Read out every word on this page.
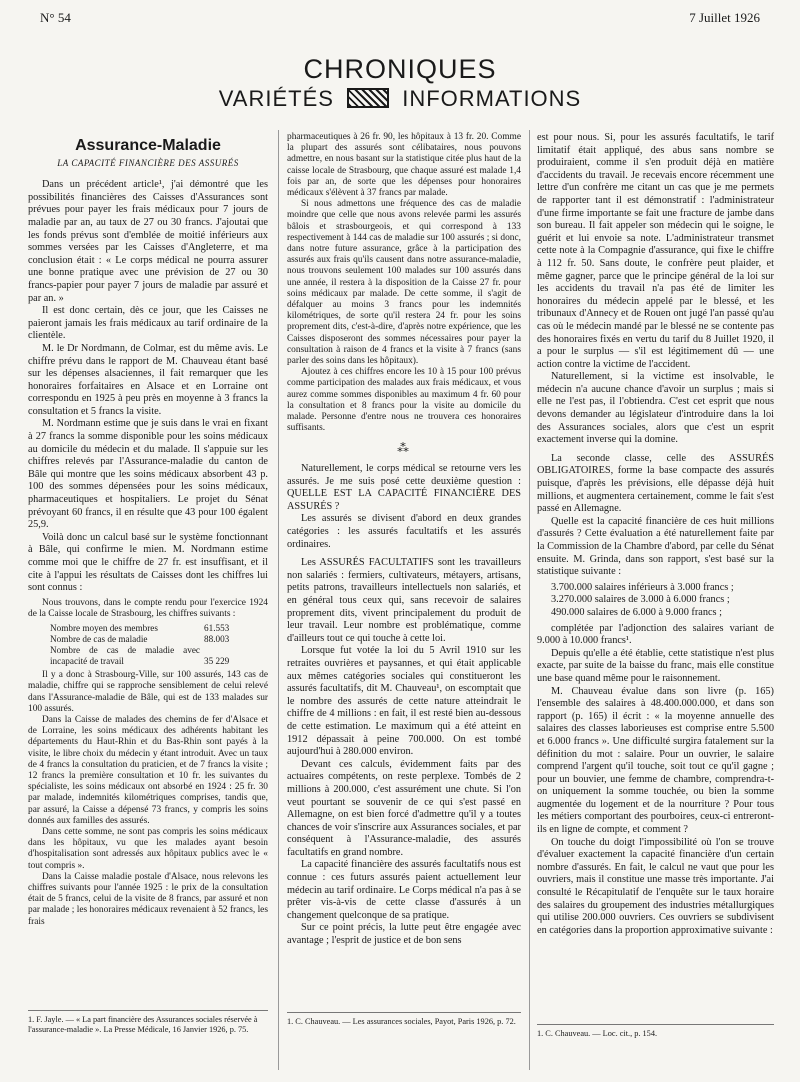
N° 54	7 Juillet 1926
CHRONIQUES
VARIÉTÉS	INFORMATIONS
Assurance-Maladie
LA CAPACITÉ FINANCIÈRE DES ASSURÉS

Dans un précédent article¹, j'ai démontré que les possibilités financières des Caisses d'Assurances sont prévues pour payer les frais médicaux pour 7 jours de maladie par an, au taux de 27 ou 30 francs. J'ajoutai que les fonds prévus sont d'emblée de moitié inférieurs aux sommes versées par les Caisses d'Angleterre, et ma conclusion était : « Le corps médical ne pourra assurer une bonne pratique avec une prévision de 27 ou 30 francs-papier pour payer 7 jours de maladie par assuré et par an. »

Il est donc certain, dès ce jour, que les Caisses ne paieront jamais les frais médicaux au tarif ordinaire de la clientèle.

M. le Dr Nordmann, de Colmar, est du même avis. Le chiffre prévu dans le rapport de M. Chauveau étant basé sur les dépenses alsaciennes, il fait remarquer que les honoraires forfaitaires en Alsace et en Lorraine ont correspondu en 1925 à peu près en moyenne à 3 francs la consultation et 5 francs la visite.

M. Nordmann estime que je suis dans le vrai en fixant à 27 francs la somme disponible pour les soins médicaux au domicile du médecin et du malade. Il s'appuie sur les chiffres relevés par l'Assurance-maladie du canton de Bâle qui montre que les soins médicaux absorbent 43 p. 100 des sommes dépensées pour les soins médicaux, pharmaceutiques et hospitaliers. Le projet du Sénat prévoyant 60 francs, il en résulte que 43 pour 100 égalent 25,9.

Voilà donc un calcul basé sur le système fonctionnant à Bâle, qui confirme le mien. M. Nordmann estime comme moi que le chiffre de 27 fr. est insuffisant, et il cite à l'appui les résultats de Caisses dont les chiffres lui sont connus :

Nous trouvons, dans le compte rendu pour l'exercice 1924 de la Caisse locale de Strasbourg, les chiffres suivants :

Nombre moyen des membres	61.553
Nombre de cas de maladie	88.003
Nombre de cas de maladie avec incapacité de travail	35 229

Il y a donc à Strasbourg-Ville, sur 100 assurés, 143 cas de maladie, chiffre qui se rapproche sensiblement de celui relevé dans l'Assurance-maladie de Bâle, qui est de 133 malades sur 100 assurés.

Dans la Caisse de malades des chemins de fer d'Alsace et de Lorraine, les soins médicaux des adhérents habitant les départements du Haut-Rhin et du Bas-Rhin sont payés à la visite, le libre choix du médecin y étant introduit. Avec un taux de 4 francs la consultation du praticien, et de 7 francs la visite ; 12 francs la première consultation et 10 fr. les suivantes du spécialiste, les soins médicaux ont absorbé en 1924 : 25 fr. 30 par malade, indemnités kilométriques comprises, tandis que, par assuré, la Caisse a dépensé 73 francs, y compris les soins donnés aux familles des assurés.

Dans cette somme, ne sont pas compris les soins médicaux dans les hôpitaux, vu que les malades ayant besoin d'hospitalisation sont adressés aux hôpitaux publics avec le « tout compris ».

Dans la Caisse maladie postale d'Alsace, nous relevons les chiffres suivants pour l'année 1925 : le prix de la consultation était de 5 francs, celui de la visite de 8 francs, par assuré et non par malade ; les honoraires médicaux revenaient à 52 francs, les frais

pharmaceutiques à 26 fr. 90, les hôpitaux à 13 fr. 20. Comme la plupart des assurés sont célibataires, nous pouvons admettre, en nous basant sur la statistique citée plus haut de la caisse locale de Strasbourg, que chaque assuré est malade 1,4 fois par an, de sorte que les dépenses pour honoraires médicaux s'élèvent à 37 francs par malade.

Si nous admettons une fréquence des cas de maladie moindre que celle que nous avons relevée parmi les assurés bâlois et strasbourgeois, et qui correspond à 133 respectivement à 144 cas de maladie sur 100 assurés ; si donc, dans notre future assurance, grâce à la participation des assurés aux frais qu'ils causent dans notre assurance-maladie, nous trouvons seulement 100 malades sur 100 assurés dans une année, il restera à la disposition de la Caisse 27 fr. pour soins médicaux par malade. De cette somme, il s'agit de défalquer au moins 3 francs pour les indemnités kilométriques, de sorte qu'il restera 24 fr. pour les soins proprement dits, c'est-à-dire, d'après notre expérience, que les Caisses disposeront des sommes nécessaires pour payer la consultation à raison de 4 francs et la visite à 7 francs (sans parler des soins dans les hôpitaux).

Ajoutez à ces chiffres encore les 10 à 15 pour 100 prévus comme participation des malades aux frais médicaux, et vous aurez comme sommes disponibles au maximum 4 fr. 60 pour la consultation et 8 francs pour la visite au domicile du malade. Personne d'entre nous ne trouvera ces honoraires suffisants.

⁂

Naturellement, le corps médical se retourne vers les assurés. Je me suis posé cette deuxième question : QUELLE EST LA CAPACITÉ FINANCIÈRE DES ASSURÉS ?

Les assurés se divisent d'abord en deux grandes catégories : les assurés facultatifs et les assurés ordinaires.

Les ASSURÉS FACULTATIFS sont les travailleurs non salariés : fermiers, cultivateurs, métayers, artisans, petits patrons, travailleurs intellectuels non salariés, et en général tous ceux qui, sans recevoir de salaires proprement dits, vivent principalement du produit de leur travail. Leur nombre est problématique, comme d'ailleurs tout ce qui touche à cette loi.

Lorsque fut votée la loi du 5 Avril 1910 sur les retraites ouvrières et paysannes, et qui était applicable aux mêmes catégories sociales qui constitueront les assurés facultatifs, dit M. Chauveau¹, on escomptait que le nombre des assurés de cette nature atteindrait le chiffre de 4 millions : en fait, il est resté bien au-dessous de cette estimation. Le maximum qui a été atteint en 1912 dépassait à peine 700.000. On est tombé aujourd'hui à 280.000 environ.

Devant ces calculs, évidemment faits par des actuaires compétents, on reste perplexe. Tombés de 2 millions à 200.000, c'est assurément une chute. Si l'on veut pourtant se souvenir de ce qui s'est passé en Allemagne, on est bien forcé d'admettre qu'il y a toutes chances de voir s'inscrire aux Assurances sociales, et par conséquent à l'Assurance-maladie, des assurés facultatifs en grand nombre.

La capacité financière des assurés facultatifs nous est connue : ces futurs assurés paient actuellement leur médecin au tarif ordinaire. Le Corps médical n'a pas à se prêter vis-à-vis de cette classe d'assurés à un changement quelconque de sa pratique.

Sur ce point précis, la lutte peut être engagée avec avantage ; l'esprit de justice et de bon sens

est pour nous. Si, pour les assurés facultatifs, le tarif limitatif était appliqué, des abus sans nombre se produiraient, comme il s'en produit déjà en matière d'accidents du travail. Je recevais encore récemment une lettre d'un confrère me citant un cas que je me permets de rapporter tant il est démonstratif : l'administrateur d'une firme importante se fait une fracture de jambe dans son bureau. Il fait appeler son médecin qui le soigne, le guérit et lui envoie sa note. L'administrateur transmet cette note à la Compagnie d'assurance, qui fixe le chiffre à 112 fr. 50. Sans doute, le confrère peut plaider, et même gagner, parce que le principe général de la loi sur les accidents du travail n'a pas été de limiter les honoraires du médecin appelé par le blessé, et les tribunaux d'Annecy et de Rouen ont jugé l'an passé qu'au cas où le médecin mandé par le blessé ne se contente pas des honoraires fixés en vertu du tarif du 8 Juillet 1920, il a pour le surplus — s'il est légitimement dû — une action contre la victime de l'accident.

Naturellement, si la victime est insolvable, le médecin n'a aucune chance d'avoir un surplus ; mais si elle ne l'est pas, il l'obtiendra. C'est cet esprit que nous devons demander au législateur d'introduire dans la loi des Assurances sociales, alors que c'est un esprit exactement inverse qui la domine.

La seconde classe, celle des ASSURÉS OBLIGATOIRES, forme la base compacte des assurés puisque, d'après les prévisions, elle dépasse déjà huit millions, et augmentera certainement, comme le fait s'est passé en Allemagne.

Quelle est la capacité financière de ces huit millions d'assurés ? Cette évaluation a été naturellement faite par la Commission de la Chambre d'abord, par celle du Sénat ensuite. M. Grinda, dans son rapport, s'est basé sur la statistique suivante :

3.700.000 salaires inférieurs à 3.000 francs ;
3.270.000 salaires de 3.000 à 6.000 francs ;
490.000 salaires de 6.000 à 9.000 francs ;

complétée par l'adjonction des salaires variant de 9.000 à 10.000 francs¹.

Depuis qu'elle a été établie, cette statistique n'est plus exacte, par suite de la baisse du franc, mais elle constitue une base quand même pour le raisonnement.

M. Chauveau évalue dans son livre (p. 165) l'ensemble des salaires à 48.400.000.000, et dans son rapport (p. 165) il écrit : « la moyenne annuelle des salaires des classes laborieuses est comprise entre 5.500 et 6.000 francs ». Une difficulté surgira fatalement sur la définition du mot : salaire. Pour un ouvrier, le salaire comprend l'argent qu'il touche, soit tout ce qu'il gagne ; pour un bouvier, une femme de chambre, comprendra-t-on uniquement la somme touchée, ou bien la somme augmentée du logement et de la nourriture ? Pour tous les métiers comportant des pourboires, ceux-ci entreront-ils en ligne de compte, et comment ?

On touche du doigt l'impossibilité où l'on se trouve d'évaluer exactement la capacité financière d'un certain nombre d'assurés. En fait, le calcul ne vaut que pour les ouvriers, mais il constitue une masse très importante. J'ai consulté le Récapitulatif de l'enquête sur le taux horaire des salaires du groupement des industries métallurgiques qui utilise 200.000 ouvriers. Ces ouvriers se subdivisent en catégories dans la proportion approximative suivante :

1. F. Jayle. — « La part financière des Assurances sociales réservée à l'assurance-maladie ». La Presse Médicale, 16 Janvier 1926, p. 75.
1. C. Chauveau. — Les assurances sociales, Payot, Paris 1926, p. 72.
1. C. Chauveau. — Loc. cit., p. 154.
